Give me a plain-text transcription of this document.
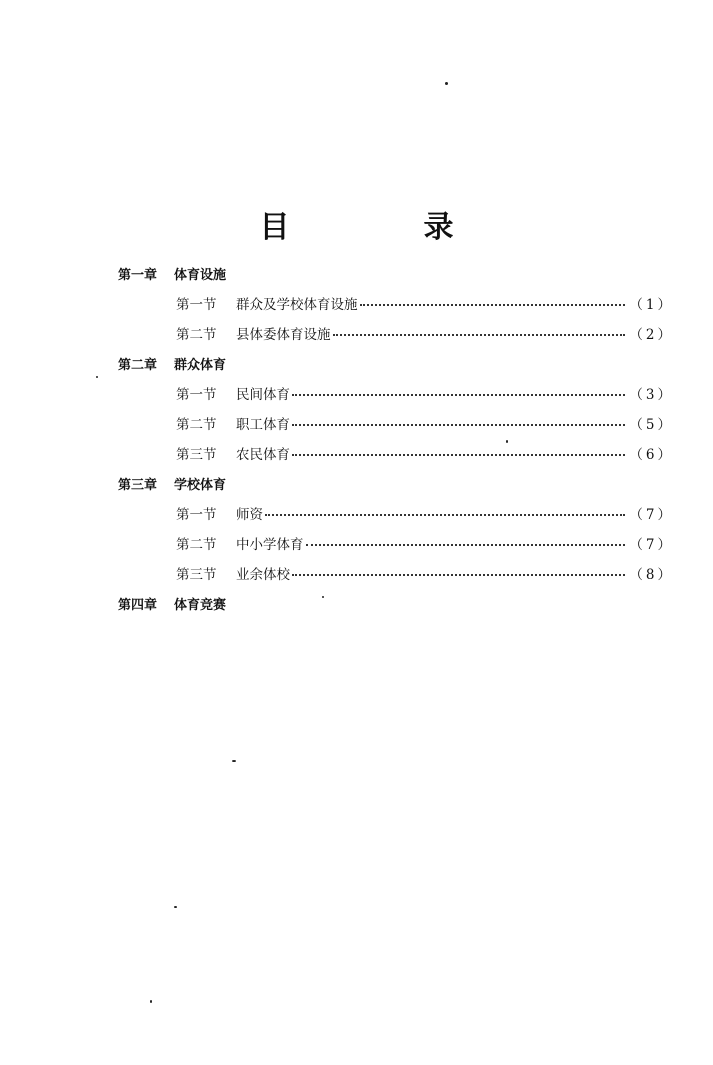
目　录
第一章	体育设施
第一节	群众及学校体育设施	（1）
第二节	县体委体育设施	（2）
第二章	群众体育
第一节	民间体育	（3）
第二节	职工体育	（5）
第三节	农民体育	（6）
第三章	学校体育
第一节	师资	（7）
第二节	中小学体育	（7）
第三节	业余体校	（8）
第四章	体育竞赛
